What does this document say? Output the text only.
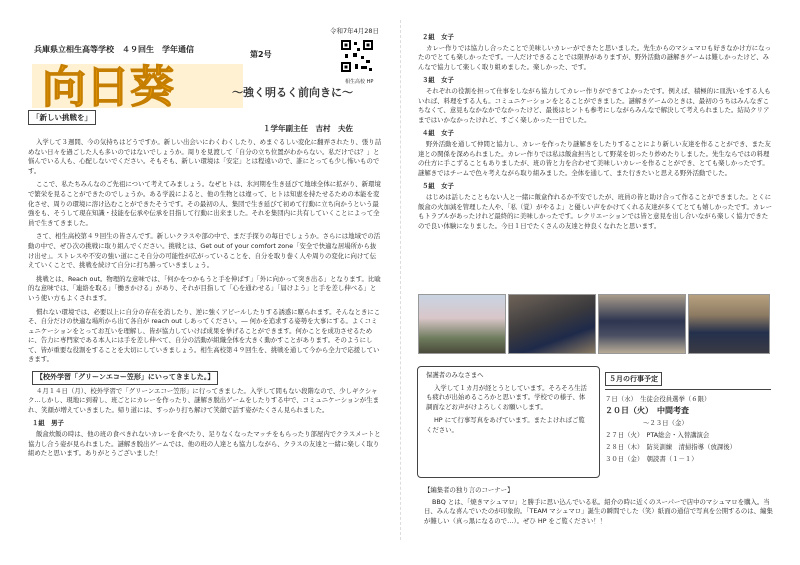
令和7年4月28日
兵庫県立相生高等学校　４９回生　学年通信
第2号
向日葵	相生高校 HP
～強く明るく前向きに～
「新しい挑戦を」
１学年副主任　吉村　夫佐

入学して３週間、今の気持ちはどうですか。新しい出会いにわくわくしたり、めまぐるしい変化に翻弄されたり、張り詰めない日々を過ごした人も多いのではないでしょうか。周りを見渡して「自分の立ち位置がわからない。私だけでは？」と悩んでいる人も、心配しないでください。そもそも、新しい環境は「安定」とは程遠いので、誰にとっても少し怖いものです。

ここで、私たちみんなのご先祖について考えてみましょう。なぜヒトは、氷河期を生き延びて地球全体に拡がり、新環境で繁栄を見ることができたのでしょうか。ある学説によると、他の生物とは違って、ヒトは知恵を持たせるための本能を変化させ、周りの環境に溶け込むことができたそうです。その最初の人、集団で生き延びて初めて行動に立ち向かうという最強をも、そうして現在知識・技能を伝承や伝承を目指して行動に出来ました。それを集団内に共有していくことによって全員で生きてきました。

さて、相生高校第４９回生の皆さんです。新しいクラスや部の中で、まだ手探りの毎日でしょうか。さらには地域での活動の中で、ぜひ次の挑戦に取り組んでください。挑戦とは、Get out of your comfort zone「安全で快適な居場所から抜け出せ」。ストレスや不安の強い道にこそ自分の可能性が広がっていることを、自分を取り巻く人や周りの変化に向けて伝えていくことで、挑戦を続けて自分に打ち勝っていきましょう。

挑戦とは、Reach out。物理的な意味では、「何かをつかもうと手を伸ばす」「外に向かって突き出る」となります。比喩的な意味では、「連絡を取る」「働きかける」があり、それが目指して「心を通わせる」「届けよう」と手を差し伸べる」という使い方もよくされます。

慣れない環境では、必要以上に自分の存在を消したり、逆に強くアピールしたりする誘惑に駆られます。そんなときにこそ、自分だけの快適な場所から出て各自が reach out しあってください。― 何かを追求する姿勢を大事にする。よくコミュニケーションをとってお互いを理解し、皆が協力していけば成果を挙げることができます。何かことを成功させるために、告力に専門家である本人には手を差し伸べて、自分の活動が組織全体を大きく動かすことがあります。そのようにして、皆が重要な役割をすることを大切にしていきましょう。相生高校第４９回生を、挑戦を通して今から全力で応援していきます。

【校外学習「グリーンエコー笠形」にいってきました。】

４月１４日（月）、校外学習で「グリーンエコー笠形」に行ってきました。入学して間もない段階なので、少しギクシャク…しかし、現地に到着し、班ごとにカレーを作ったり、謎解き脱出ゲームをしたりする中で、コミュニケーションが生まれ、笑顔が増えていきました。帰り道には、すっかり打ち解けて笑顔で話す姿がたくさん見られました。

１組　男子

飯盒炊飯の時は、他の班の食べきれないカレーを食べたり、足りなくなったマッチをもらったり部屋内でクラスメートと協力し合う姿が見られました。謎解き脱出ゲームでは、他の班の人達とも協力しながら、クラスの友達と一緒に楽しく取り組めたと思います。ありがとうございました！

２組　女子

カレー作りでは協力し合ったことで美味しいカレーができたと思いました。先生からのマシュマロも好きなかけ方になったのでとても楽しかったです。一人だけできることでは限界がありますが、野外活動の謎解きゲームは難しかったけど、みんなで協力して楽しく取り組めました。楽しかった、です。

３組　女子

それぞれの役割を担って仕事をしながら協力してカレー作りができてよかったです。例えば、積極的に皿洗いをする人もいれば、料理をする人も。コミュニケーションをとることができました。謎解きゲームのときは、最初のうちはみんなぎこちなくて、意見もなかなかでなかったけど、最後はヒントも参考にしながらみんなで解決して考えられました。結局クリアまではいかなかったけれど、すごく楽しかった一日でした。

４組　女子

野外活動を通して仲間と協力し、カレーを作ったり謎解きをしたりすることにより新しい友達を作ることができ、また友達との関係を深められました。カレー作りでは私は飯盒担当として野菜を切ったり炒めたりしました。先生ならではの料理の仕方に手こずることもありましたが、班の皆と力を合わせて美味しいカレーを作ることができ、とても楽しかったです。謎解きではチームで色々考えながら取り組みました。全体を通して、また行きたいと思える野外活動でした。

５組　女子

はじめは話したこともない人と一緒に飯盒作れるか不安でしたが、班員の皆と助け合って作ることができました。とくに飯盒の火加減を管理した人や、「私（覚）がやるよ」と優しい声をかけてくれる友達が多くてとても嬉しかったです。カレーもトラブルがあったけれど最終的に美味しかったです。レクリエーションでは皆と意見を出し合いながら楽しく協力できたので良い体験になりました。今日１日でたくさんの友達と仲良くなれたと思います。

保護者のみなさまへ

入学して１カ月が経とうとしています。そろそろ生活も疲れが出始めるころかと思います。学校での様子、体調面などお声がけよろしくお願いします。

HP にて行事写真をあげています。またよければご覧ください。

５月の行事予定
７日（水）　生徒会役員選挙（６限）
２０日（火）　中間考査
～２３日（金）
２７日（火）　PTA総会・入替講演会
２８日（木）　防災訓練　清掃指導（放課後）
３０日（金）　朝読書（１－１）
【編集者の独り言のコーナー】

BBQ とは、「焼きマシュマロ」と勝手に思い込んでいる私。紹介の時に近くのスーパーで店中のマシュマロを購入。当日、みんな喜んでいたのが印象的。「TEAM マシュマロ」誕生の瞬間でした（笑）紙面の通信で写真を公開するのは、編集が難しい（真っ黒になるので…）。ぜひ HP をご覧ください！！
